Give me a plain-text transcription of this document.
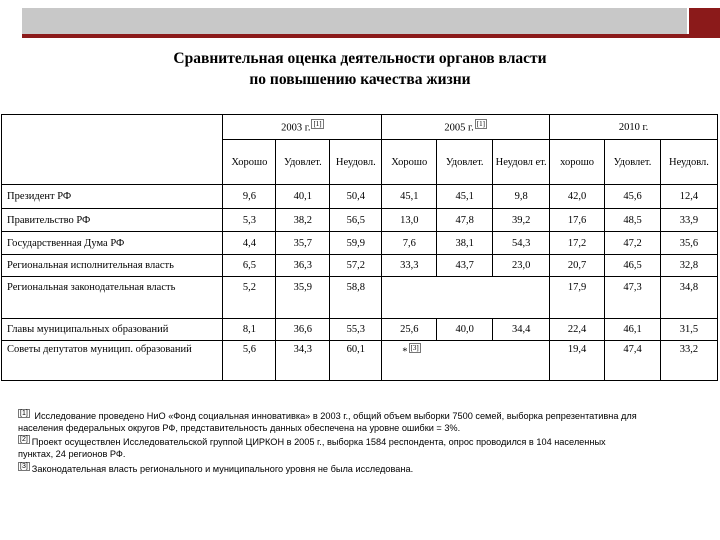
Сравнительная оценка деятельности органов власти
по повышению качества жизни
	2003 г. [1]			2005 г. [1]			2010 г.		
	Хорошо	Удовлет.	Неудовл.	Хорошо	Удовлет.	Неудовл ет.	хорошо	Удовлет.	Неудовл.
Президент РФ	9,6	40,1	50,4	45,1	45,1	9,8	42,0	45,6	12,4
Правительство РФ	5,3	38,2	56,5	13,0	47,8	39,2	17,6	48,5	33,9
Государственная Дума РФ	4,4	35,7	59,9	7,6	38,1	54,3	17,2	47,2	35,6
Региональная исполнительная власть	6,5	36,3	57,2	33,3	43,7	23,0	20,7	46,5	32,8
Региональная законодательная власть	5,2	35,9	58,8				17,9	47,3	34,8
Главы муниципальных образований	8,1	36,6	55,3	25,6	40,0	34,4	22,4	46,1	31,5
Советы депутатов муницип. образований	5,6	34,3	60,1	* [3]			19,4	47,4	33,2

[1] Исследование проведено НиО «Фонд социальная инновативка» в 2003 г., общий объем выборки 7500 семей, выборка репрезентативна для
населения федеральных округов РФ, представительность данных обеспечена на уровне ошибки = 3%.

[2] Проект осуществлен Исследовательской группой ЦИРКОН в 2005 г., выборка 1584 респондента, опрос проводился в 104 населенных
пунктах, 24 регионов РФ.

[3] Законодательная власть регионального и муниципального уровня не была исследована.
